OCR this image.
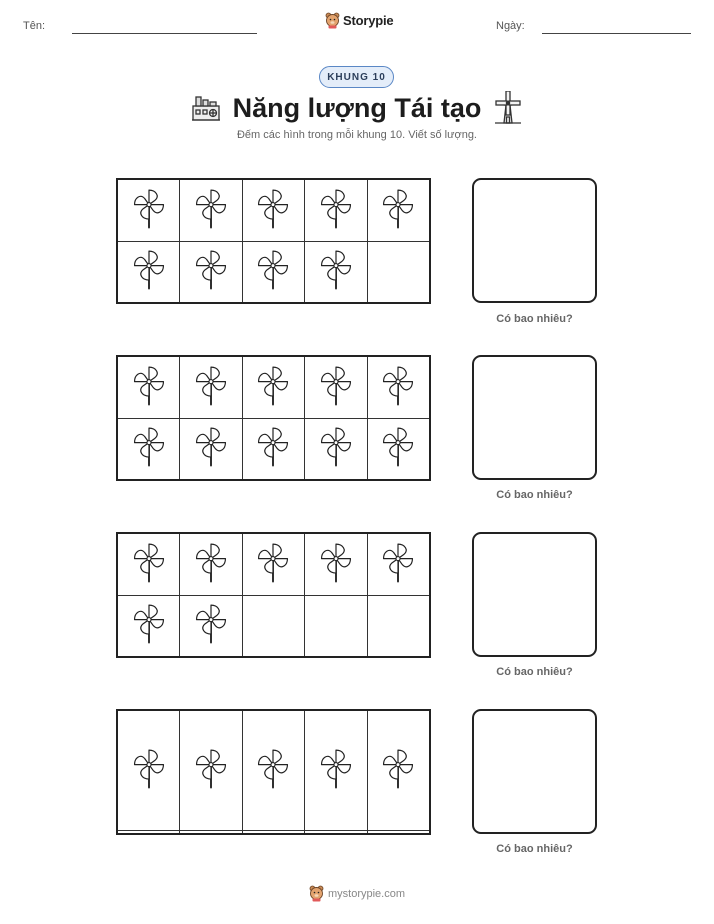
Tên:	Storypie	Ngày:
KHUNG 10
Năng lượng Tái tạo
Đếm các hình trong mỗi khung 10. Viết số lượng.

Có bao nhiêu?

Có bao nhiêu?

Có bao nhiêu?

Có bao nhiêu?
mystorypie.com
